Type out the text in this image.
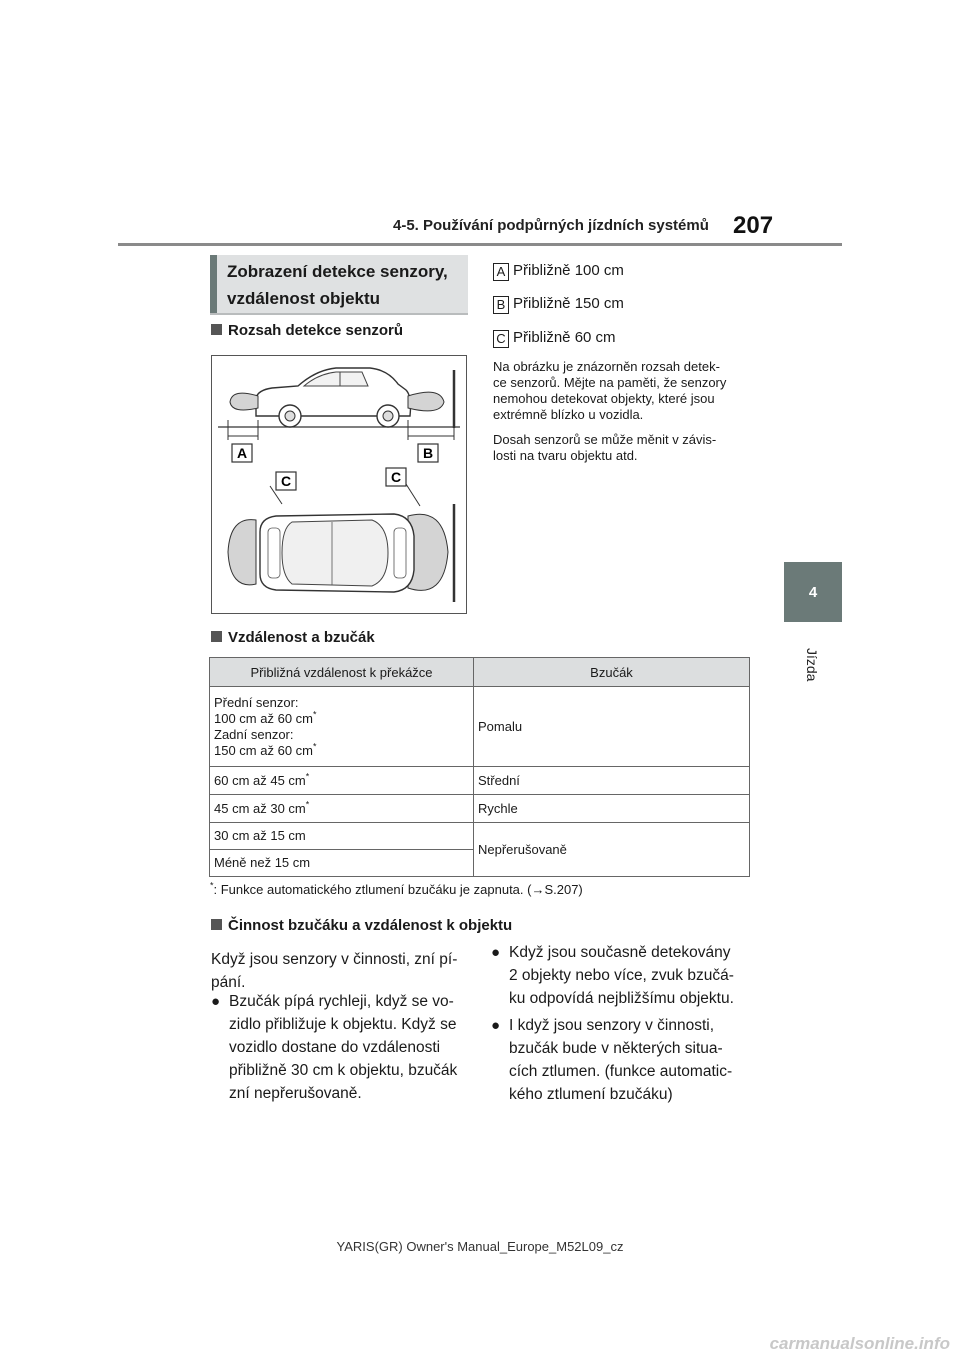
4-5. Používání podpůrných jízdních systémů 207
4
Jízda
Zobrazení detekce senzory,
vzdálenost objektu
Rozsah detekce senzorů
A	B
C	C
A Přibližně 100 cm
B Přibližně 150 cm
C Přibližně 60 cm
Na obrázku je znázorněn rozsah detek-
ce senzorů. Mějte na paměti, že senzory
nemohou detekovat objekty, které jsou
extrémně blízko u vozidla.
Dosah senzorů se může měnit v závis-
losti na tvaru objektu atd.
Vzdálenost a bzučák
Přibližná vzdálenost k překážce	Bzučák

Přední senzor:
100 cm až 60 cm*
Zadní senzor:
150 cm až 60 cm*	Pomalu
60 cm až 45 cm*	Střední
45 cm až 30 cm*	Rychle
30 cm až 15 cm	Nepřerušovaně
Méně než 15 cm	
*: Funkce automatického ztlumení bzučáku je zapnuta. (→S.207)
Činnost bzučáku a vzdálenost k objektu
Když jsou senzory v činnosti, zní pí-
pání.
● Bzučák pípá rychleji, když se vo-
zidlo přibližuje k objektu. Když se
vozidlo dostane do vzdálenosti
přibližně 30 cm k objektu, bzučák
zní nepřerušovaně.
● Když jsou současně detekovány
2 objekty nebo více, zvuk bzučá-
ku odpovídá nejbližšímu objektu.
● I když jsou senzory v činnosti,
bzučák bude v některých situa-
cích ztlumen. (funkce automatic-
kého ztlumení bzučáku)
YARIS(GR) Owner's Manual_Europe_M52L09_cz
carmanualsonline.info
